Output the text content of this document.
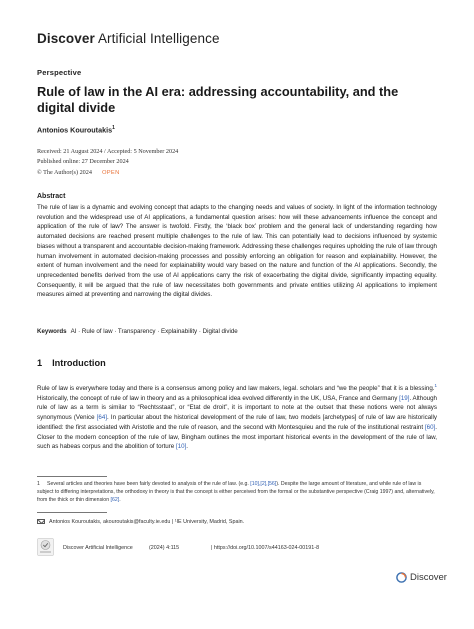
Discover Artificial Intelligence
Perspective
Rule of law in the AI era: addressing accountability, and the digital divide
Antonios Kouroutakis$^1$
Received: 21 August 2024 / Accepted: 5 November 2024
Published online: 27 December 2024
© The Author(s) 2024 OPEN
Abstract

The rule of law is a dynamic and evolving concept that adapts to the changing needs and values of society. In light of the information technology revolution and the widespread use of AI applications, a fundamental question arises: how will these advancements influence the concept and application of the rule of law? The answer is twofold. Firstly, the ‘black box’ problem and the general lack of understanding regarding how automated decisions are reached present multiple challenges to the rule of law. This can potentially lead to decisions influenced by systemic biases without a transparent and accountable decision-making framework. Addressing these challenges requires upholding the rule of law through human involvement in automated decision-making processes and possibly enforcing an obligation for reason and explainability. However, the extent of human involvement and the need for explainability would vary based on the nature and function of the AI applications. Secondly, the unprecedented benefits derived from the use of AI applications carry the risk of exacerbating the digital divide, significantly impacting equality. Consequently, it will be argued that the rule of law necessitates both governments and private entities utilizing AI applications to implement measures aimed at preventing and narrowing the digital divides.

Keywords AI · Rule of law · Transparency · Explainability · Digital divide
1 Introduction

Rule of law is everywhere today and there is a consensus among policy and law makers, legal. scholars and “we the people” that it is a blessing.$^1$ Historically, the concept of rule of law in theory and as a philosophical idea evolved differently in the UK, USA, France and Germany [19]. Although rule of law as a term is similar to “Rechtsstaat”, or “Etat de droit”, it is important to note at the outset that these notions were not always synonymous (Venice [64]. In particular about the historical development of the rule of law, two models [archetypes] of rule of law are historically identified: the first associated with Aristotle and the rule of reason, and the second with Montesquieu and the rule of the institutional restraint [60]. Closer to the modern conception of the rule of law, Bingham outlines the most important historical events in the development of the rule of law, such as habeas corpus and the abolition of torture [10].

1 Several articles and theories have been fairly devoted to analysis of the rule of law. (e.g. [10],[2],[56]). Despite the large amount of literature, and while rule of law is subject to differing interpretations, the orthodoxy in theory is that the concept is either perceived from the formal or the substantive perspective (Craig 1997) and, alternatively, from the thick or thin dimension [62].

Antonios Kouroutakis, akouroutakis@faculty.ie.edu | ¹IE University, Madrid, Spain.
Discover Artificial Intelligence	(2024) 4:115	| https://doi.org/10.1007/s44163-024-00191-8
Discover
